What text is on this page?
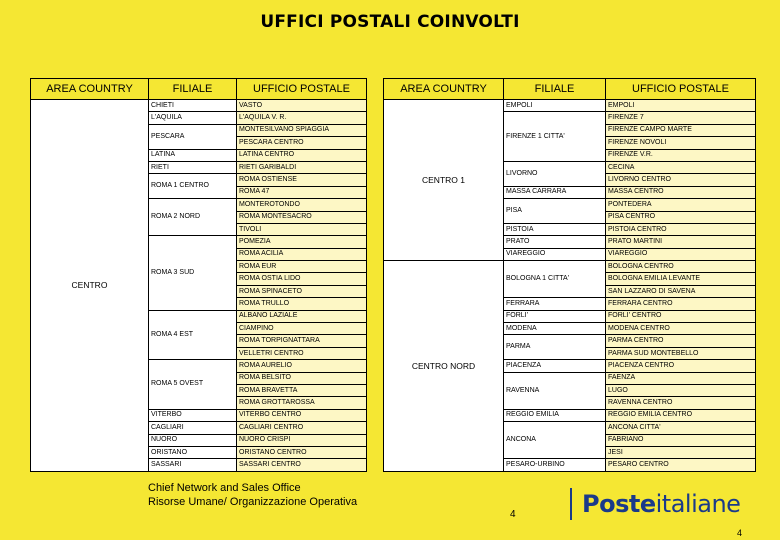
UFFICI POSTALI COINVOLTI
AREA COUNTRY	FILIALE	UFFICIO POSTALE
CENTRO	CHIETI	VASTO
	L'AQUILA	L'AQUILA V. R.
	PESCARA	MONTESILVANO SPIAGGIA
		PESCARA CENTRO
	LATINA	LATINA CENTRO
	RIETI	RIETI GARIBALDI
	ROMA 1 CENTRO	ROMA OSTIENSE
		ROMA 47
	ROMA 2 NORD	MONTEROTONDO
		ROMA MONTESACRO
		TIVOLI
	ROMA 3 SUD	POMEZIA
		ROMA ACILIA
		ROMA EUR
		ROMA OSTIA LIDO
		ROMA SPINACETO
		ROMA TRULLO
	ROMA 4 EST	ALBANO LAZIALE
		CIAMPINO
		ROMA TORPIGNATTARA
		VELLETRI CENTRO
	ROMA 5 OVEST	ROMA AURELIO
		ROMA BELSITO
		ROMA BRAVETTA
		ROMA GROTTAROSSA
	VITERBO	VITERBO CENTRO
	CAGLIARI	CAGLIARI CENTRO
	NUORO	NUORO CRISPI
	ORISTANO	ORISTANO CENTRO
	SASSARI	SASSARI CENTRO
AREA COUNTRY	FILIALE	UFFICIO POSTALE
CENTRO 1	EMPOLI	EMPOLI
	FIRENZE 1 CITTA'	FIRENZE 7
		FIRENZE CAMPO MARTE
		FIRENZE NOVOLI
		FIRENZE V.R.
	LIVORNO	CECINA
		LIVORNO CENTRO
	MASSA CARRARA	MASSA CENTRO
	PISA	PONTEDERA
		PISA CENTRO
	PISTOIA	PISTOIA CENTRO
	PRATO	PRATO MARTINI
	VIAREGGIO	VIAREGGIO
CENTRO NORD	BOLOGNA 1 CITTA'	BOLOGNA CENTRO
		BOLOGNA EMILIA LEVANTE
		SAN LAZZARO DI SAVENA
	FERRARA	FERRARA CENTRO
	FORLI'	FORLI' CENTRO
	MODENA	MODENA CENTRO
	PARMA	PARMA CENTRO
		PARMA SUD MONTEBELLO
	PIACENZA	PIACENZA CENTRO
	RAVENNA	FAENZA
		LUGO
		RAVENNA CENTRO
	REGGIO EMILIA	REGGIO EMILIA CENTRO
	ANCONA	ANCONA CITTA'
		FABRIANO
		JESI
	PESARO-URBINO	PESARO CENTRO
Chief Network and Sales Office
Risorse Umane/ Organizzazione Operativa
4
4
Posteitaliane
